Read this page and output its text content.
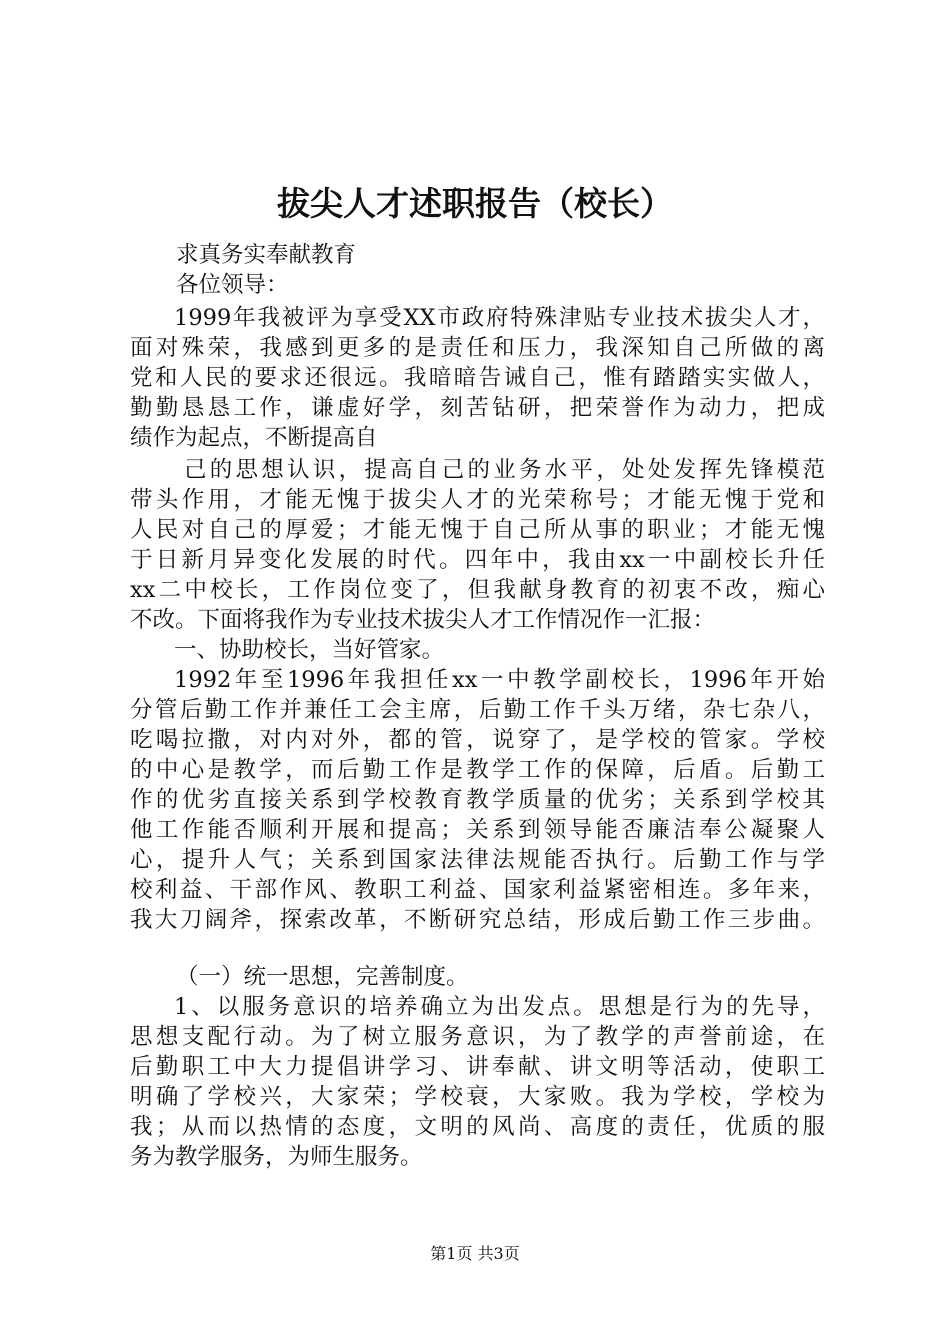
拔尖人才述职报告（校长）
求真务实奉献教育
各位领导：
1999年我被评为享受XX市政府特殊津贴专业技术拔尖人才，
面对殊荣，我感到更多的是责任和压力，我深知自己所做的离
党和人民的要求还很远。我暗暗告诫自己，惟有踏踏实实做人，
勤勤恳恳工作，谦虚好学，刻苦钻研，把荣誉作为动力，把成
绩作为起点，不断提高自
己的思想认识，提高自己的业务水平，处处发挥先锋模范
带头作用，才能无愧于拔尖人才的光荣称号；才能无愧于党和
人民对自己的厚爱；才能无愧于自己所从事的职业；才能无愧
于日新月异变化发展的时代。四年中，我由xx一中副校长升任
xx二中校长，工作岗位变了，但我献身教育的初衷不改，痴心
不改。下面将我作为专业技术拔尖人才工作情况作一汇报：
一、协助校长，当好管家。
1992年至1996年我担任xx一中教学副校长，1996年开始
分管后勤工作并兼任工会主席，后勤工作千头万绪，杂七杂八，
吃喝拉撒，对内对外，都的管，说穿了，是学校的管家。学校
的中心是教学，而后勤工作是教学工作的保障，后盾。后勤工
作的优劣直接关系到学校教育教学质量的优劣；关系到学校其
他工作能否顺利开展和提高；关系到领导能否廉洁奉公凝聚人
心，提升人气；关系到国家法律法规能否执行。后勤工作与学
校利益、干部作风、教职工利益、国家利益紧密相连。多年来，
我大刀阔斧，探索改革，不断研究总结，形成后勤工作三步曲。
（一）统一思想，完善制度。
1、以服务意识的培养确立为出发点。思想是行为的先导，
思想支配行动。为了树立服务意识，为了教学的声誉前途，在
后勤职工中大力提倡讲学习、讲奉献、讲文明等活动，使职工
明确了学校兴，大家荣；学校衰，大家败。我为学校，学校为
我；从而以热情的态度，文明的风尚、高度的责任，优质的服
务为教学服务，为师生服务。
第1页 共3页
